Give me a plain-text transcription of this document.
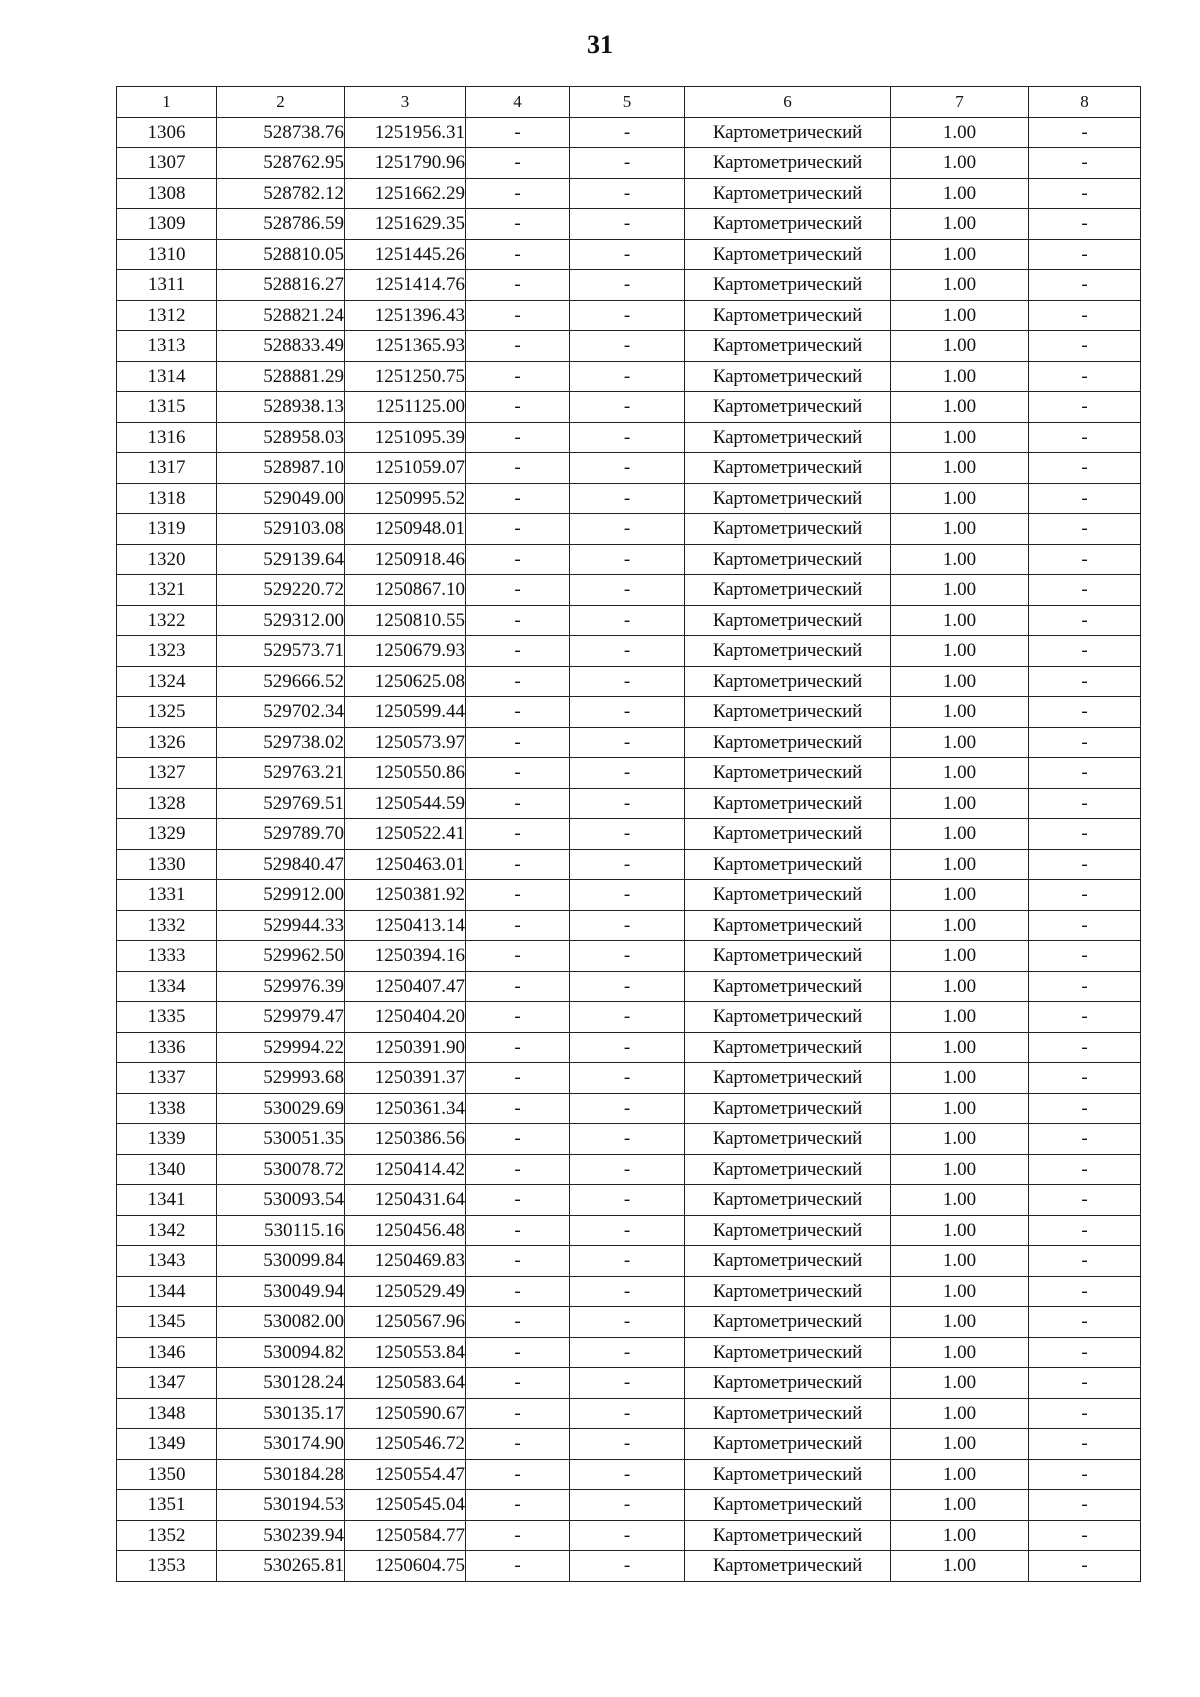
31
1	2	3	4	5	6	7	8
1306	528738.76	1251956.31	-	-	Картометрический	1.00	-
1307	528762.95	1251790.96	-	-	Картометрический	1.00	-
1308	528782.12	1251662.29	-	-	Картометрический	1.00	-
1309	528786.59	1251629.35	-	-	Картометрический	1.00	-
1310	528810.05	1251445.26	-	-	Картометрический	1.00	-
1311	528816.27	1251414.76	-	-	Картометрический	1.00	-
1312	528821.24	1251396.43	-	-	Картометрический	1.00	-
1313	528833.49	1251365.93	-	-	Картометрический	1.00	-
1314	528881.29	1251250.75	-	-	Картометрический	1.00	-
1315	528938.13	1251125.00	-	-	Картометрический	1.00	-
1316	528958.03	1251095.39	-	-	Картометрический	1.00	-
1317	528987.10	1251059.07	-	-	Картометрический	1.00	-
1318	529049.00	1250995.52	-	-	Картометрический	1.00	-
1319	529103.08	1250948.01	-	-	Картометрический	1.00	-
1320	529139.64	1250918.46	-	-	Картометрический	1.00	-
1321	529220.72	1250867.10	-	-	Картометрический	1.00	-
1322	529312.00	1250810.55	-	-	Картометрический	1.00	-
1323	529573.71	1250679.93	-	-	Картометрический	1.00	-
1324	529666.52	1250625.08	-	-	Картометрический	1.00	-
1325	529702.34	1250599.44	-	-	Картометрический	1.00	-
1326	529738.02	1250573.97	-	-	Картометрический	1.00	-
1327	529763.21	1250550.86	-	-	Картометрический	1.00	-
1328	529769.51	1250544.59	-	-	Картометрический	1.00	-
1329	529789.70	1250522.41	-	-	Картометрический	1.00	-
1330	529840.47	1250463.01	-	-	Картометрический	1.00	-
1331	529912.00	1250381.92	-	-	Картометрический	1.00	-
1332	529944.33	1250413.14	-	-	Картометрический	1.00	-
1333	529962.50	1250394.16	-	-	Картометрический	1.00	-
1334	529976.39	1250407.47	-	-	Картометрический	1.00	-
1335	529979.47	1250404.20	-	-	Картометрический	1.00	-
1336	529994.22	1250391.90	-	-	Картометрический	1.00	-
1337	529993.68	1250391.37	-	-	Картометрический	1.00	-
1338	530029.69	1250361.34	-	-	Картометрический	1.00	-
1339	530051.35	1250386.56	-	-	Картометрический	1.00	-
1340	530078.72	1250414.42	-	-	Картометрический	1.00	-
1341	530093.54	1250431.64	-	-	Картометрический	1.00	-
1342	530115.16	1250456.48	-	-	Картометрический	1.00	-
1343	530099.84	1250469.83	-	-	Картометрический	1.00	-
1344	530049.94	1250529.49	-	-	Картометрический	1.00	-
1345	530082.00	1250567.96	-	-	Картометрический	1.00	-
1346	530094.82	1250553.84	-	-	Картометрический	1.00	-
1347	530128.24	1250583.64	-	-	Картометрический	1.00	-
1348	530135.17	1250590.67	-	-	Картометрический	1.00	-
1349	530174.90	1250546.72	-	-	Картометрический	1.00	-
1350	530184.28	1250554.47	-	-	Картометрический	1.00	-
1351	530194.53	1250545.04	-	-	Картометрический	1.00	-
1352	530239.94	1250584.77	-	-	Картометрический	1.00	-
1353	530265.81	1250604.75	-	-	Картометрический	1.00	-
